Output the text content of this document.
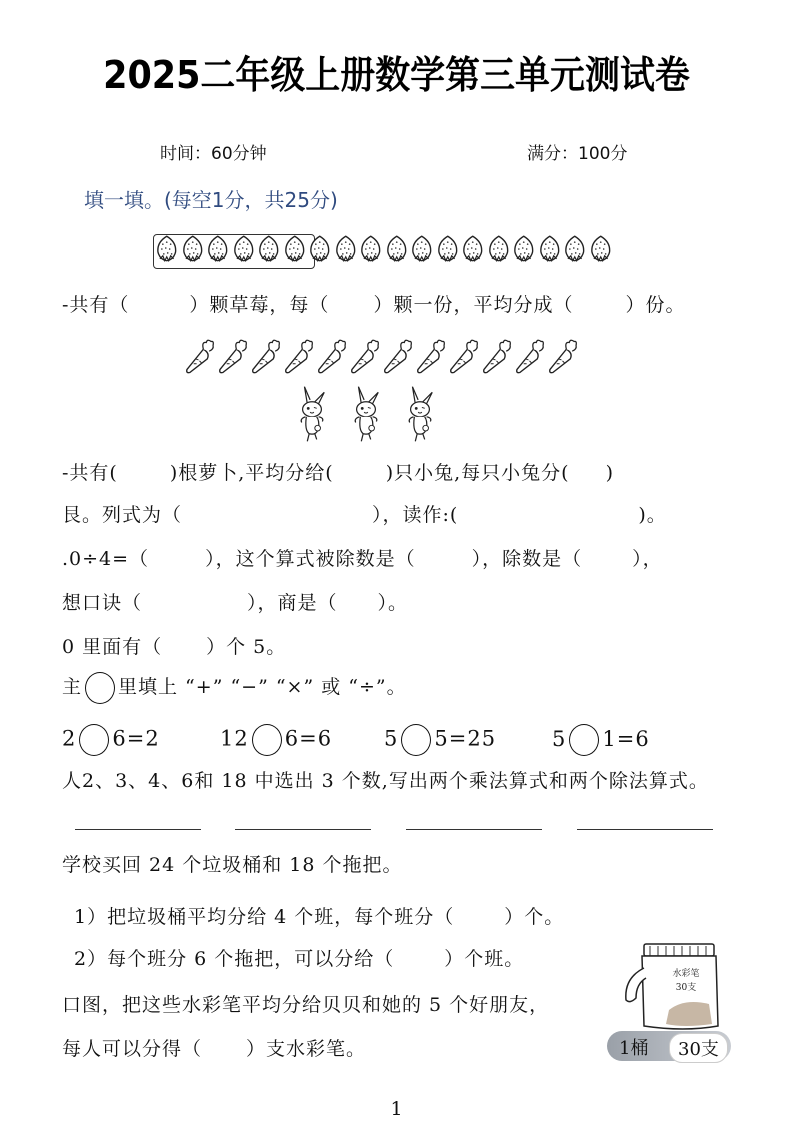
2025二年级上册数学第三单元测试卷
时间：60分钟	满分：100分
填一填。(每空1分，共25分)
-共有（	）颗草莓，每（ ）颗一份，平均分成（	）份。
-共有(	)根萝卜,平均分给(	)只小兔,每只小兔分( )
艮。列式为（	），读作:(	)。
.0÷4=（	），这个算式被除数是（	），除数是（	），
想口诀（	），商是（ ）。
0 里面有（ ）个 5。
主 里填上 “+” “−” “×” 或 “÷”。
2 6=2	12 6=6 5 5=25	5 1=6
人2、3、4、6和 18 中选出 3 个数,写出两个乘法算式和两个除法算式。
学校买回 24 个垃圾桶和 18 个拖把。
1）把垃圾桶平均分给 4 个班，每个班分（	）个。
2）每个班分 6 个拖把，可以分给（	）个班。
口图，把这些水彩笔平均分给贝贝和她的 5 个好朋友，
每人可以分得（ ）支水彩笔。
水彩笔
30支
1桶	30支
1
